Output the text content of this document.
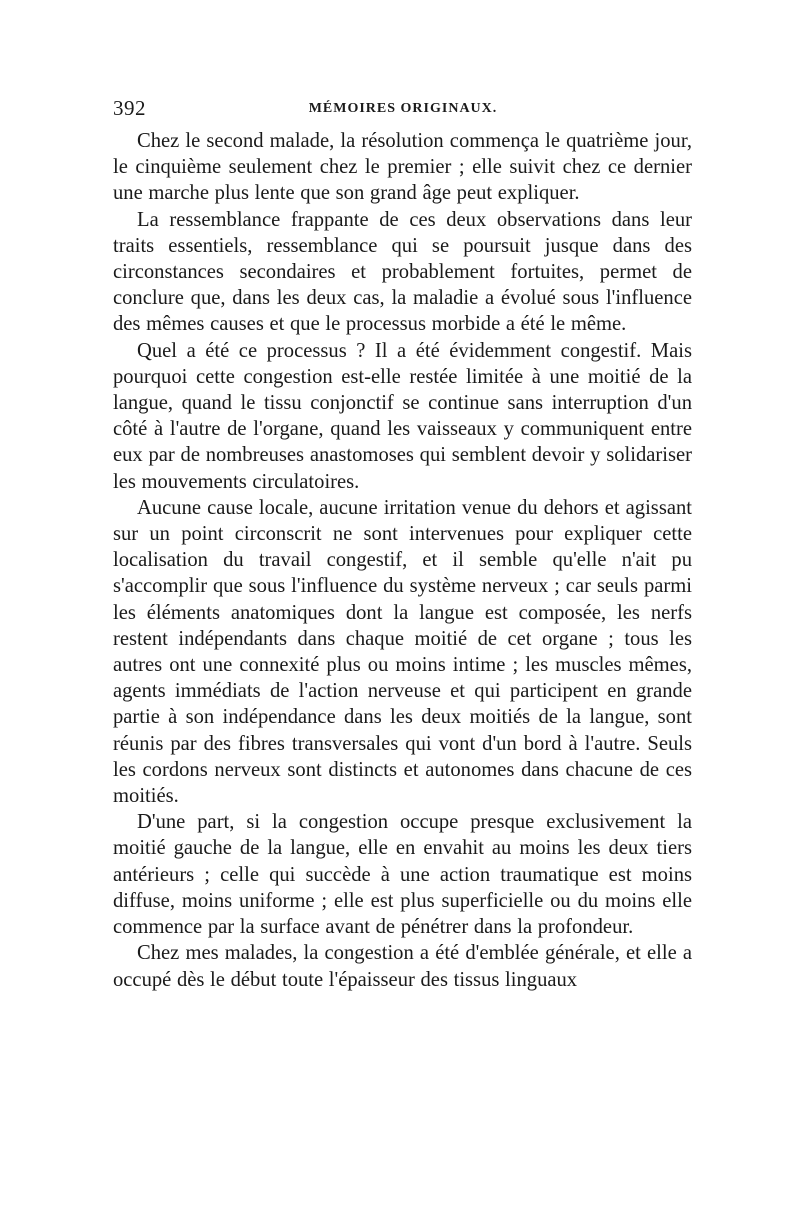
392	MÉMOIRES ORIGINAUX.

Chez le second malade, la résolution commença le quatrième jour, le cinquième seulement chez le premier ; elle suivit chez ce dernier une marche plus lente que son grand âge peut expliquer.

La ressemblance frappante de ces deux observations dans leur traits essentiels, ressemblance qui se poursuit jusque dans des circonstances secondaires et probablement fortuites, permet de conclure que, dans les deux cas, la maladie a évolué sous l'influence des mêmes causes et que le processus morbide a été le même.

Quel a été ce processus ? Il a été évidemment congestif. Mais pourquoi cette congestion est-elle restée limitée à une moitié de la langue, quand le tissu conjonctif se continue sans interruption d'un côté à l'autre de l'organe, quand les vaisseaux y communiquent entre eux par de nombreuses anastomoses qui semblent devoir y solidariser les mouvements circulatoires.

Aucune cause locale, aucune irritation venue du dehors et agissant sur un point circonscrit ne sont intervenues pour expliquer cette localisation du travail congestif, et il semble qu'elle n'ait pu s'accomplir que sous l'influence du système nerveux ; car seuls parmi les éléments anatomiques dont la langue est composée, les nerfs restent indépendants dans chaque moitié de cet organe ; tous les autres ont une connexité plus ou moins intime ; les muscles mêmes, agents immédiats de l'action nerveuse et qui participent en grande partie à son indépendance dans les deux moitiés de la langue, sont réunis par des fibres transversales qui vont d'un bord à l'autre. Seuls les cordons nerveux sont distincts et autonomes dans chacune de ces moitiés.

D'une part, si la congestion occupe presque exclusivement la moitié gauche de la langue, elle en envahit au moins les deux tiers antérieurs ; celle qui succède à une action traumatique est moins diffuse, moins uniforme ; elle est plus superficielle ou du moins elle commence par la surface avant de pénétrer dans la profondeur.

Chez mes malades, la congestion a été d'emblée générale, et elle a occupé dès le début toute l'épaisseur des tissus linguaux
